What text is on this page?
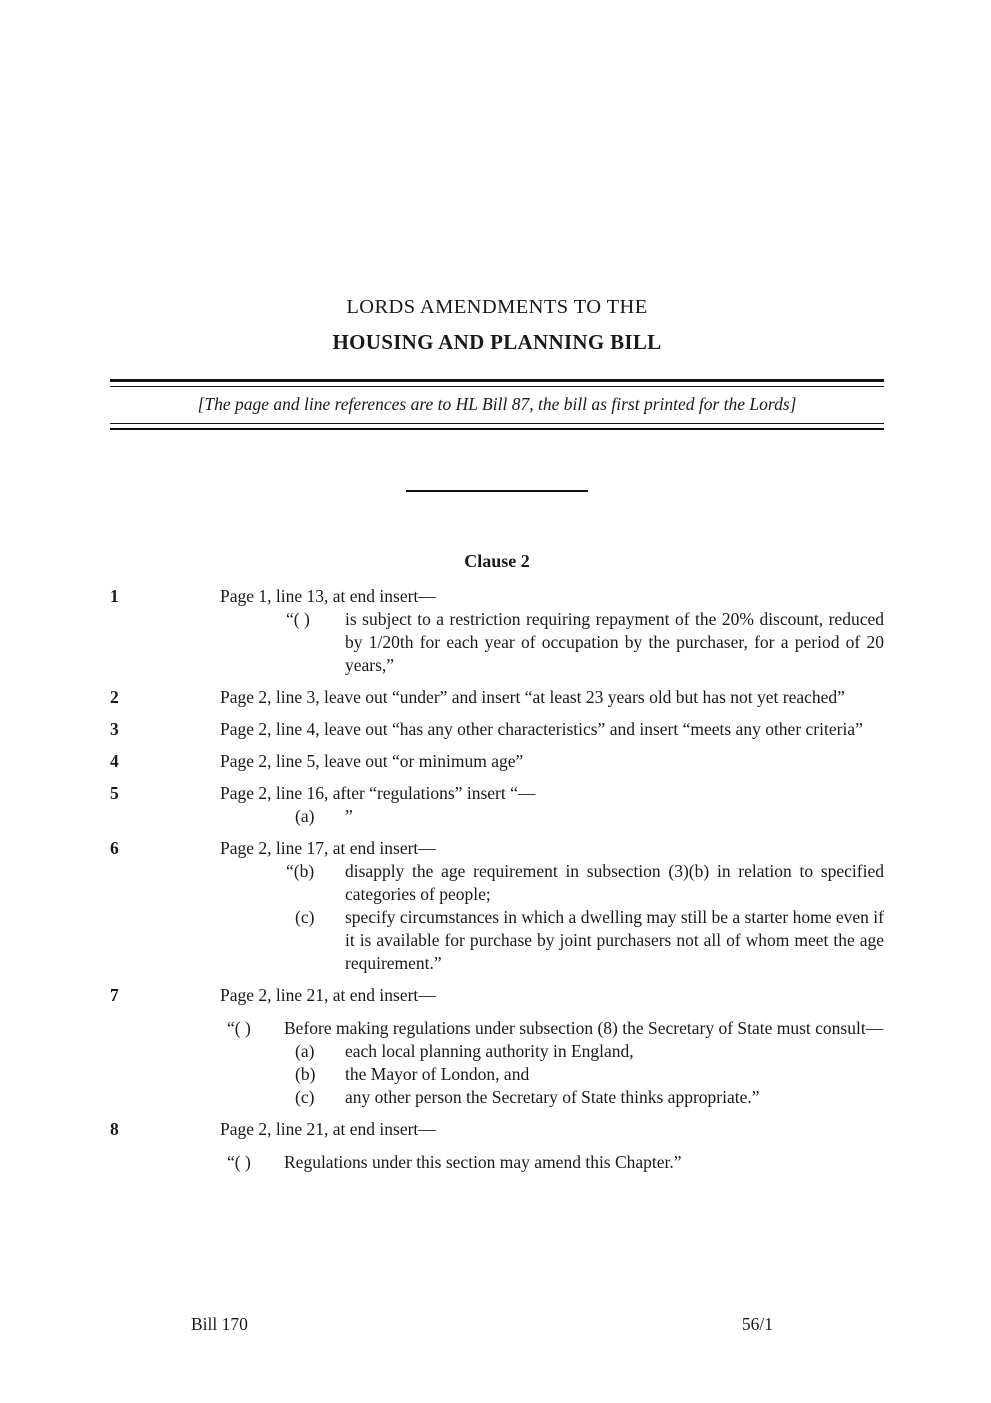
LORDS AMENDMENTS TO THE
HOUSING AND PLANNING BILL
[The page and line references are to HL Bill 87, the bill as first printed for the Lords]
Clause 2
1	Page 1, line 13, at end insert—
“( )	is subject to a restriction requiring repayment of the 20% discount, reduced by 1/20th for each year of occupation by the purchaser, for a period of 20 years,”
2	Page 2, line 3, leave out “under” and insert “at least 23 years old but has not yet reached”
3	Page 2, line 4, leave out “has any other characteristics” and insert “meets any other criteria”
4	Page 2, line 5, leave out “or minimum age”
5	Page 2, line 16, after “regulations” insert “—
(a)	”
6	Page 2, line 17, at end insert—
“(b)	disapply the age requirement in subsection (3)(b) in relation to specified categories of people;
(c)	specify circumstances in which a dwelling may still be a starter home even if it is available for purchase by joint purchasers not all of whom meet the age requirement.”
7	Page 2, line 21, at end insert—
“( )	Before making regulations under subsection (8) the Secretary of State must consult—
(a)	each local planning authority in England,
(b)	the Mayor of London, and
(c)	any other person the Secretary of State thinks appropriate.”
8	Page 2, line 21, at end insert—
“( )	Regulations under this section may amend this Chapter.”
Bill 170	56/1
